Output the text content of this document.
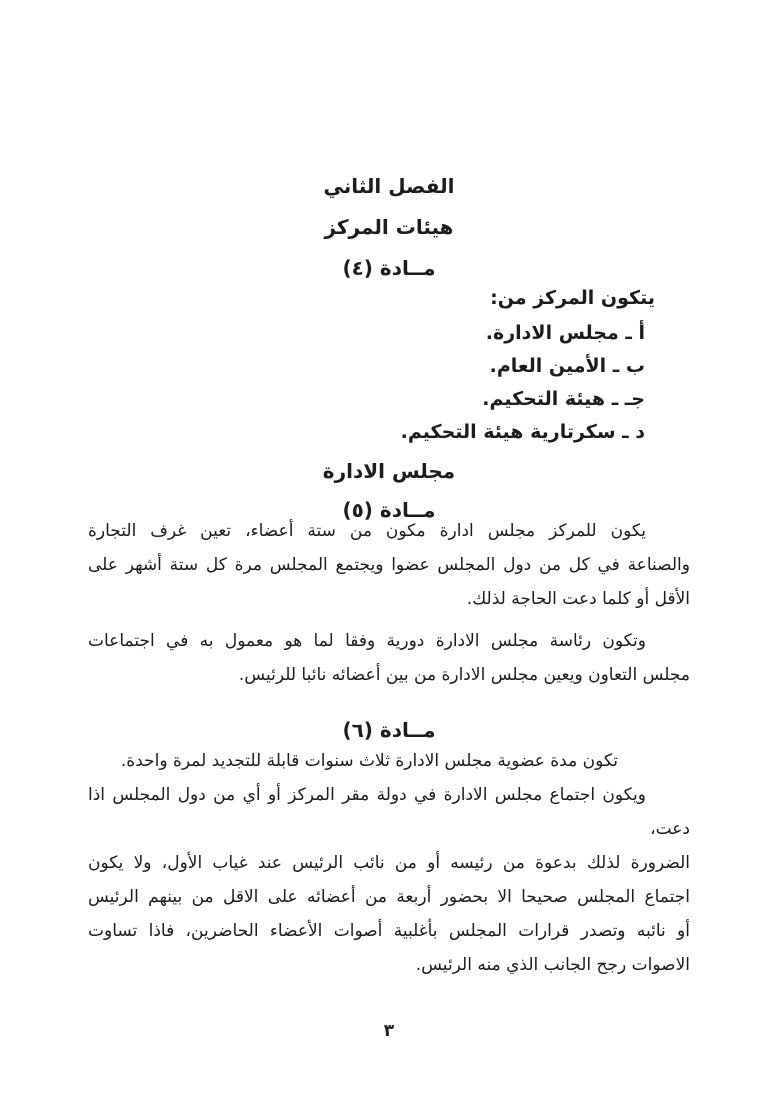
الفصل الثاني
هيئات المركز
مــادة (٤)
يتكون المركز من:
أ ـ مجلس الادارة.
ب ـ الأمين العام.
جـ ـ هيئة التحكيم.
د ـ سكرتارية هيئة التحكيم.
مجلس الادارة
مــادة (٥)
يكون للمركز مجلس ادارة مكون من ستة أعضاء، تعين غرف التجارة
والصناعة في كل من دول المجلس عضوا ويجتمع المجلس مرة كل ستة أشهر على
الأقل أو كلما دعت الحاجة لذلك.
وتكون رئاسة مجلس الادارة دورية وفقا لما هو معمول به في اجتماعات
مجلس التعاون ويعين مجلس الادارة من بين أعضائه نائبا للرئيس.
مــادة (٦)
تكون مدة عضوية مجلس الادارة ثلاث سنوات قابلة للتجديد لمرة واحدة.
ويكون اجتماع مجلس الادارة في دولة مقر المركز أو أي من دول المجلس اذا دعت،
الضرورة لذلك بدعوة من رئيسه أو من نائب الرئيس عند غياب الأول، ولا يكون
اجتماع المجلس صحيحا الا بحضور أربعة من أعضائه على الاقل من بينهم الرئيس
أو نائبه وتصدر قرارات المجلس بأغلبية أصوات الأعضاء الحاضرين، فاذا تساوت
الاصوات رجح الجانب الذي منه الرئيس.
٣
